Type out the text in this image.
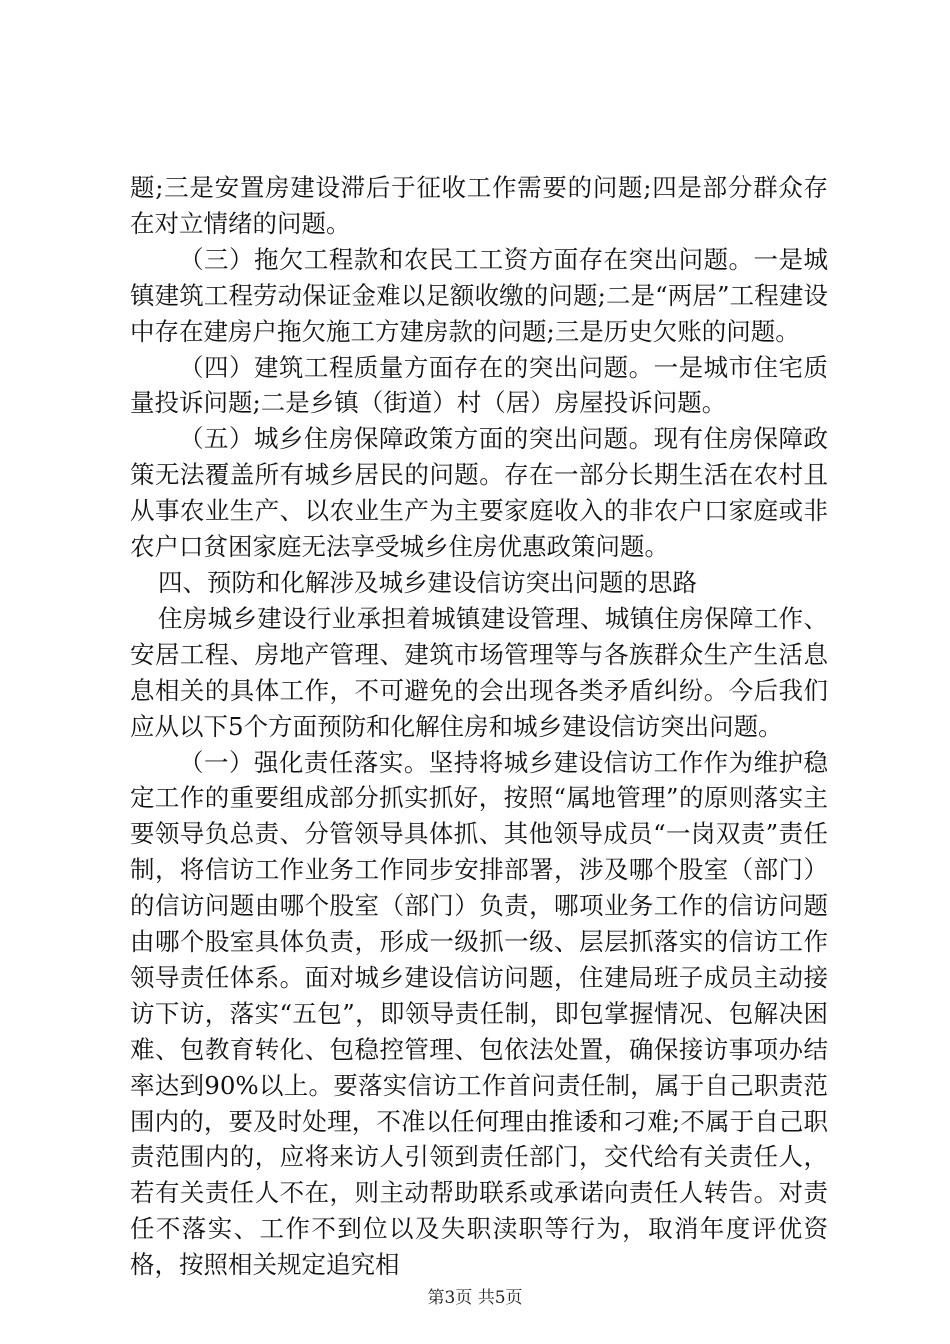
题;三是安置房建设滞后于征收工作需要的问题;四是部分群众存在对立情绪的问题。

（三）拖欠工程款和农民工工资方面存在突出问题。一是城镇建筑工程劳动保证金难以足额收缴的问题;二是“两居”工程建设中存在建房户拖欠施工方建房款的问题;三是历史欠账的问题。

（四）建筑工程质量方面存在的突出问题。一是城市住宅质量投诉问题;二是乡镇（街道）村（居）房屋投诉问题。

（五）城乡住房保障政策方面的突出问题。现有住房保障政策无法覆盖所有城乡居民的问题。存在一部分长期生活在农村且从事农业生产、以农业生产为主要家庭收入的非农户口家庭或非农户口贫困家庭无法享受城乡住房优惠政策问题。

四、预防和化解涉及城乡建设信访突出问题的思路

住房城乡建设行业承担着城镇建设管理、城镇住房保障工作、安居工程、房地产管理、建筑市场管理等与各族群众生产生活息息相关的具体工作，不可避免的会出现各类矛盾纠纷。今后我们应从以下5个方面预防和化解住房和城乡建设信访突出问题。

（一）强化责任落实。坚持将城乡建设信访工作作为维护稳定工作的重要组成部分抓实抓好，按照“属地管理”的原则落实主要领导负总责、分管领导具体抓、其他领导成员“一岗双责”责任制，将信访工作业务工作同步安排部署，涉及哪个股室（部门）的信访问题由哪个股室（部门）负责，哪项业务工作的信访问题由哪个股室具体负责，形成一级抓一级、层层抓落实的信访工作领导责任体系。面对城乡建设信访问题，住建局班子成员主动接访下访，落实“五包”，即领导责任制，即包掌握情况、包解决困难、包教育转化、包稳控管理、包依法处置，确保接访事项办结率达到90%以上。要落实信访工作首问责任制，属于自己职责范围内的，要及时处理，不准以任何理由推诿和刁难;不属于自己职责范围内的，应将来访人引领到责任部门，交代给有关责任人，若有关责任人不在，则主动帮助联系或承诺向责任人转告。对责任不落实、工作不到位以及失职渎职等行为，取消年度评优资格，按照相关规定追究相

第3页 共5页
